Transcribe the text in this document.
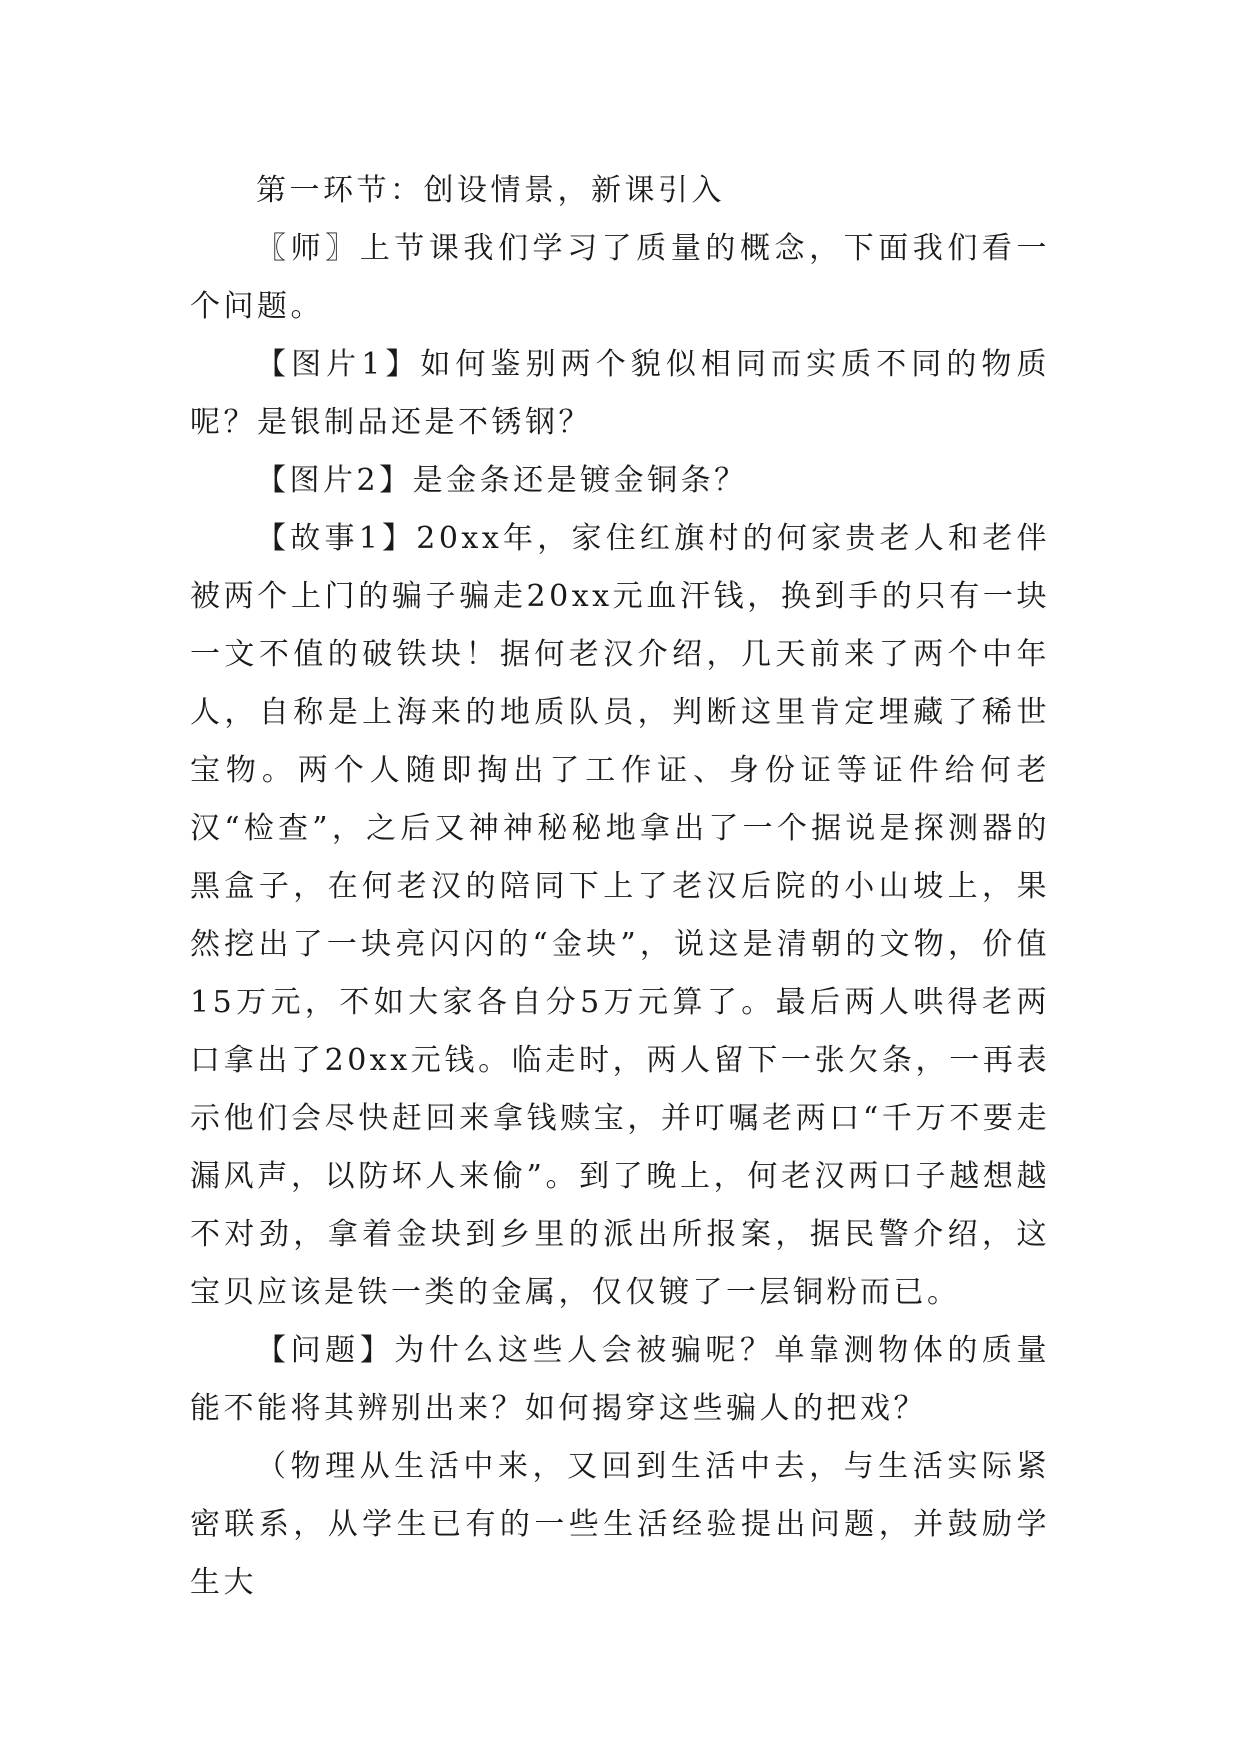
第一环节：创设情景，新课引入

〖师〗上节课我们学习了质量的概念，下面我们看一个问题。

【图片1】如何鉴别两个貌似相同而实质不同的物质呢？是银制品还是不锈钢？

【图片2】是金条还是镀金铜条？

【故事1】20xx年，家住红旗村的何家贵老人和老伴被两个上门的骗子骗走20xx元血汗钱，换到手的只有一块一文不值的破铁块！据何老汉介绍，几天前来了两个中年人，自称是上海来的地质队员，判断这里肯定埋藏了稀世宝物。两个人随即掏出了工作证、身份证等证件给何老汉“检查”，之后又神神秘秘地拿出了一个据说是探测器的黑盒子，在何老汉的陪同下上了老汉后院的小山坡上，果然挖出了一块亮闪闪的“金块”，说这是清朝的文物，价值15万元，不如大家各自分5万元算了。最后两人哄得老两口拿出了20xx元钱。临走时，两人留下一张欠条，一再表示他们会尽快赶回来拿钱赎宝，并叮嘱老两口“千万不要走漏风声，以防坏人来偷”。到了晚上，何老汉两口子越想越不对劲，拿着金块到乡里的派出所报案，据民警介绍，这宝贝应该是铁一类的金属，仅仅镀了一层铜粉而已。

【问题】为什么这些人会被骗呢？单靠测物体的质量能不能将其辨别出来？如何揭穿这些骗人的把戏？

（物理从生活中来，又回到生活中去，与生活实际紧密联系，从学生已有的一些生活经验提出问题，并鼓励学生大
